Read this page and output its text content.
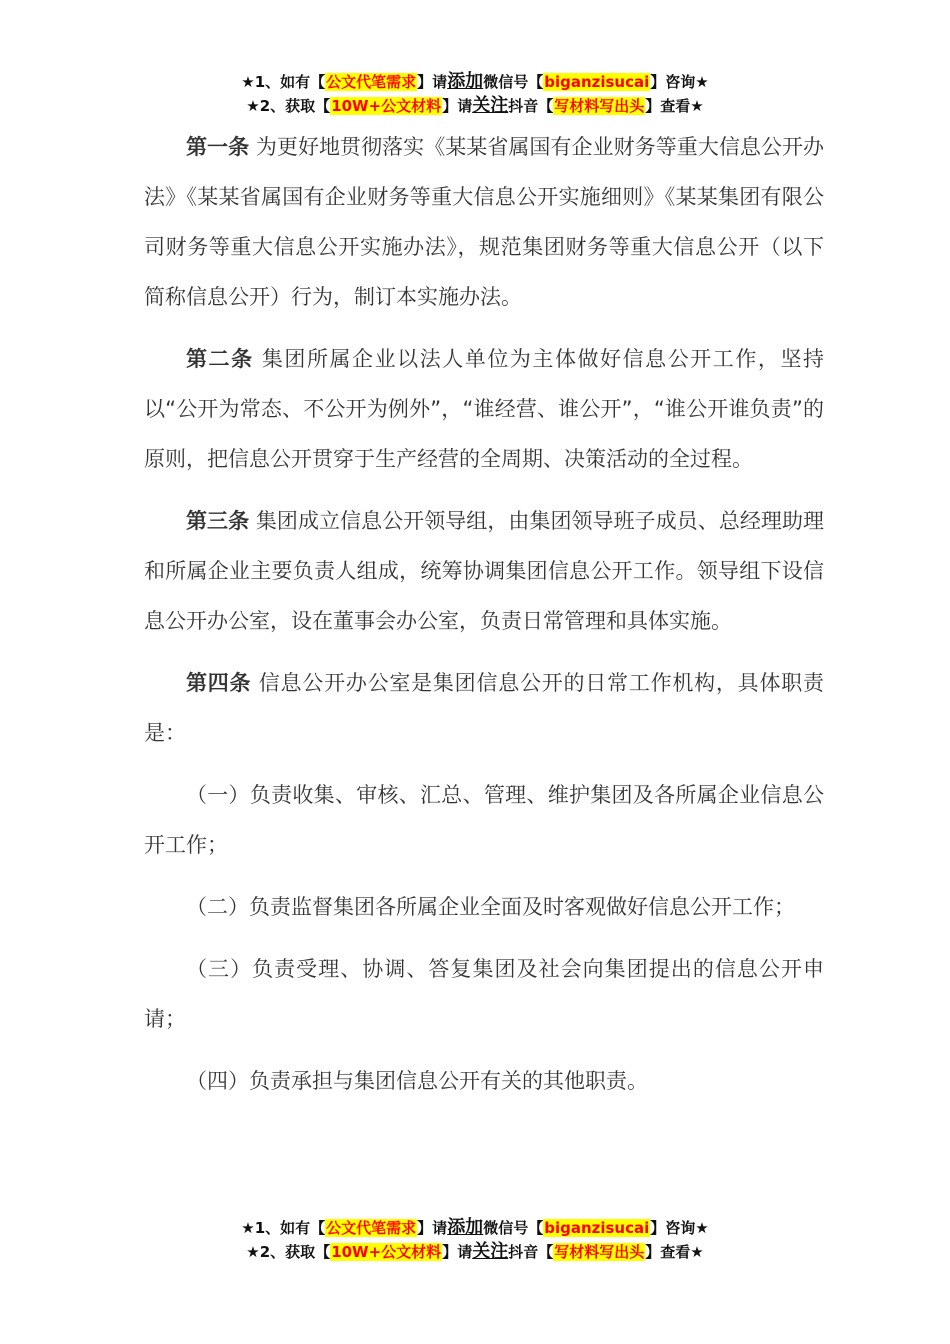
★1、如有【公文代笔需求】请添加微信号【biganzisucai】咨询★
★2、获取【10W+公文材料】请关注抖音【写材料写出头】查看★

第一条 为更好地贯彻落实《某某省属国有企业财务等重大信息公开办法》《某某省属国有企业财务等重大信息公开实施细则》《某某集团有限公司财务等重大信息公开实施办法》，规范集团财务等重大信息公开（以下简称信息公开）行为，制订本实施办法。

第二条 集团所属企业以法人单位为主体做好信息公开工作，坚持以“公开为常态、不公开为例外”，“谁经营、谁公开”，“谁公开谁负责”的原则，把信息公开贯穿于生产经营的全周期、决策活动的全过程。

第三条 集团成立信息公开领导组，由集团领导班子成员、总经理助理和所属企业主要负责人组成，统筹协调集团信息公开工作。领导组下设信息公开办公室，设在董事会办公室，负责日常管理和具体实施。

第四条 信息公开办公室是集团信息公开的日常工作机构，具体职责是：

（一）负责收集、审核、汇总、管理、维护集团及各所属企业信息公开工作；

（二）负责监督集团各所属企业全面及时客观做好信息公开工作；

（三）负责受理、协调、答复集团及社会向集团提出的信息公开申请；

（四）负责承担与集团信息公开有关的其他职责。

★1、如有【公文代笔需求】请添加微信号【biganzisucai】咨询★
★2、获取【10W+公文材料】请关注抖音【写材料写出头】查看★
